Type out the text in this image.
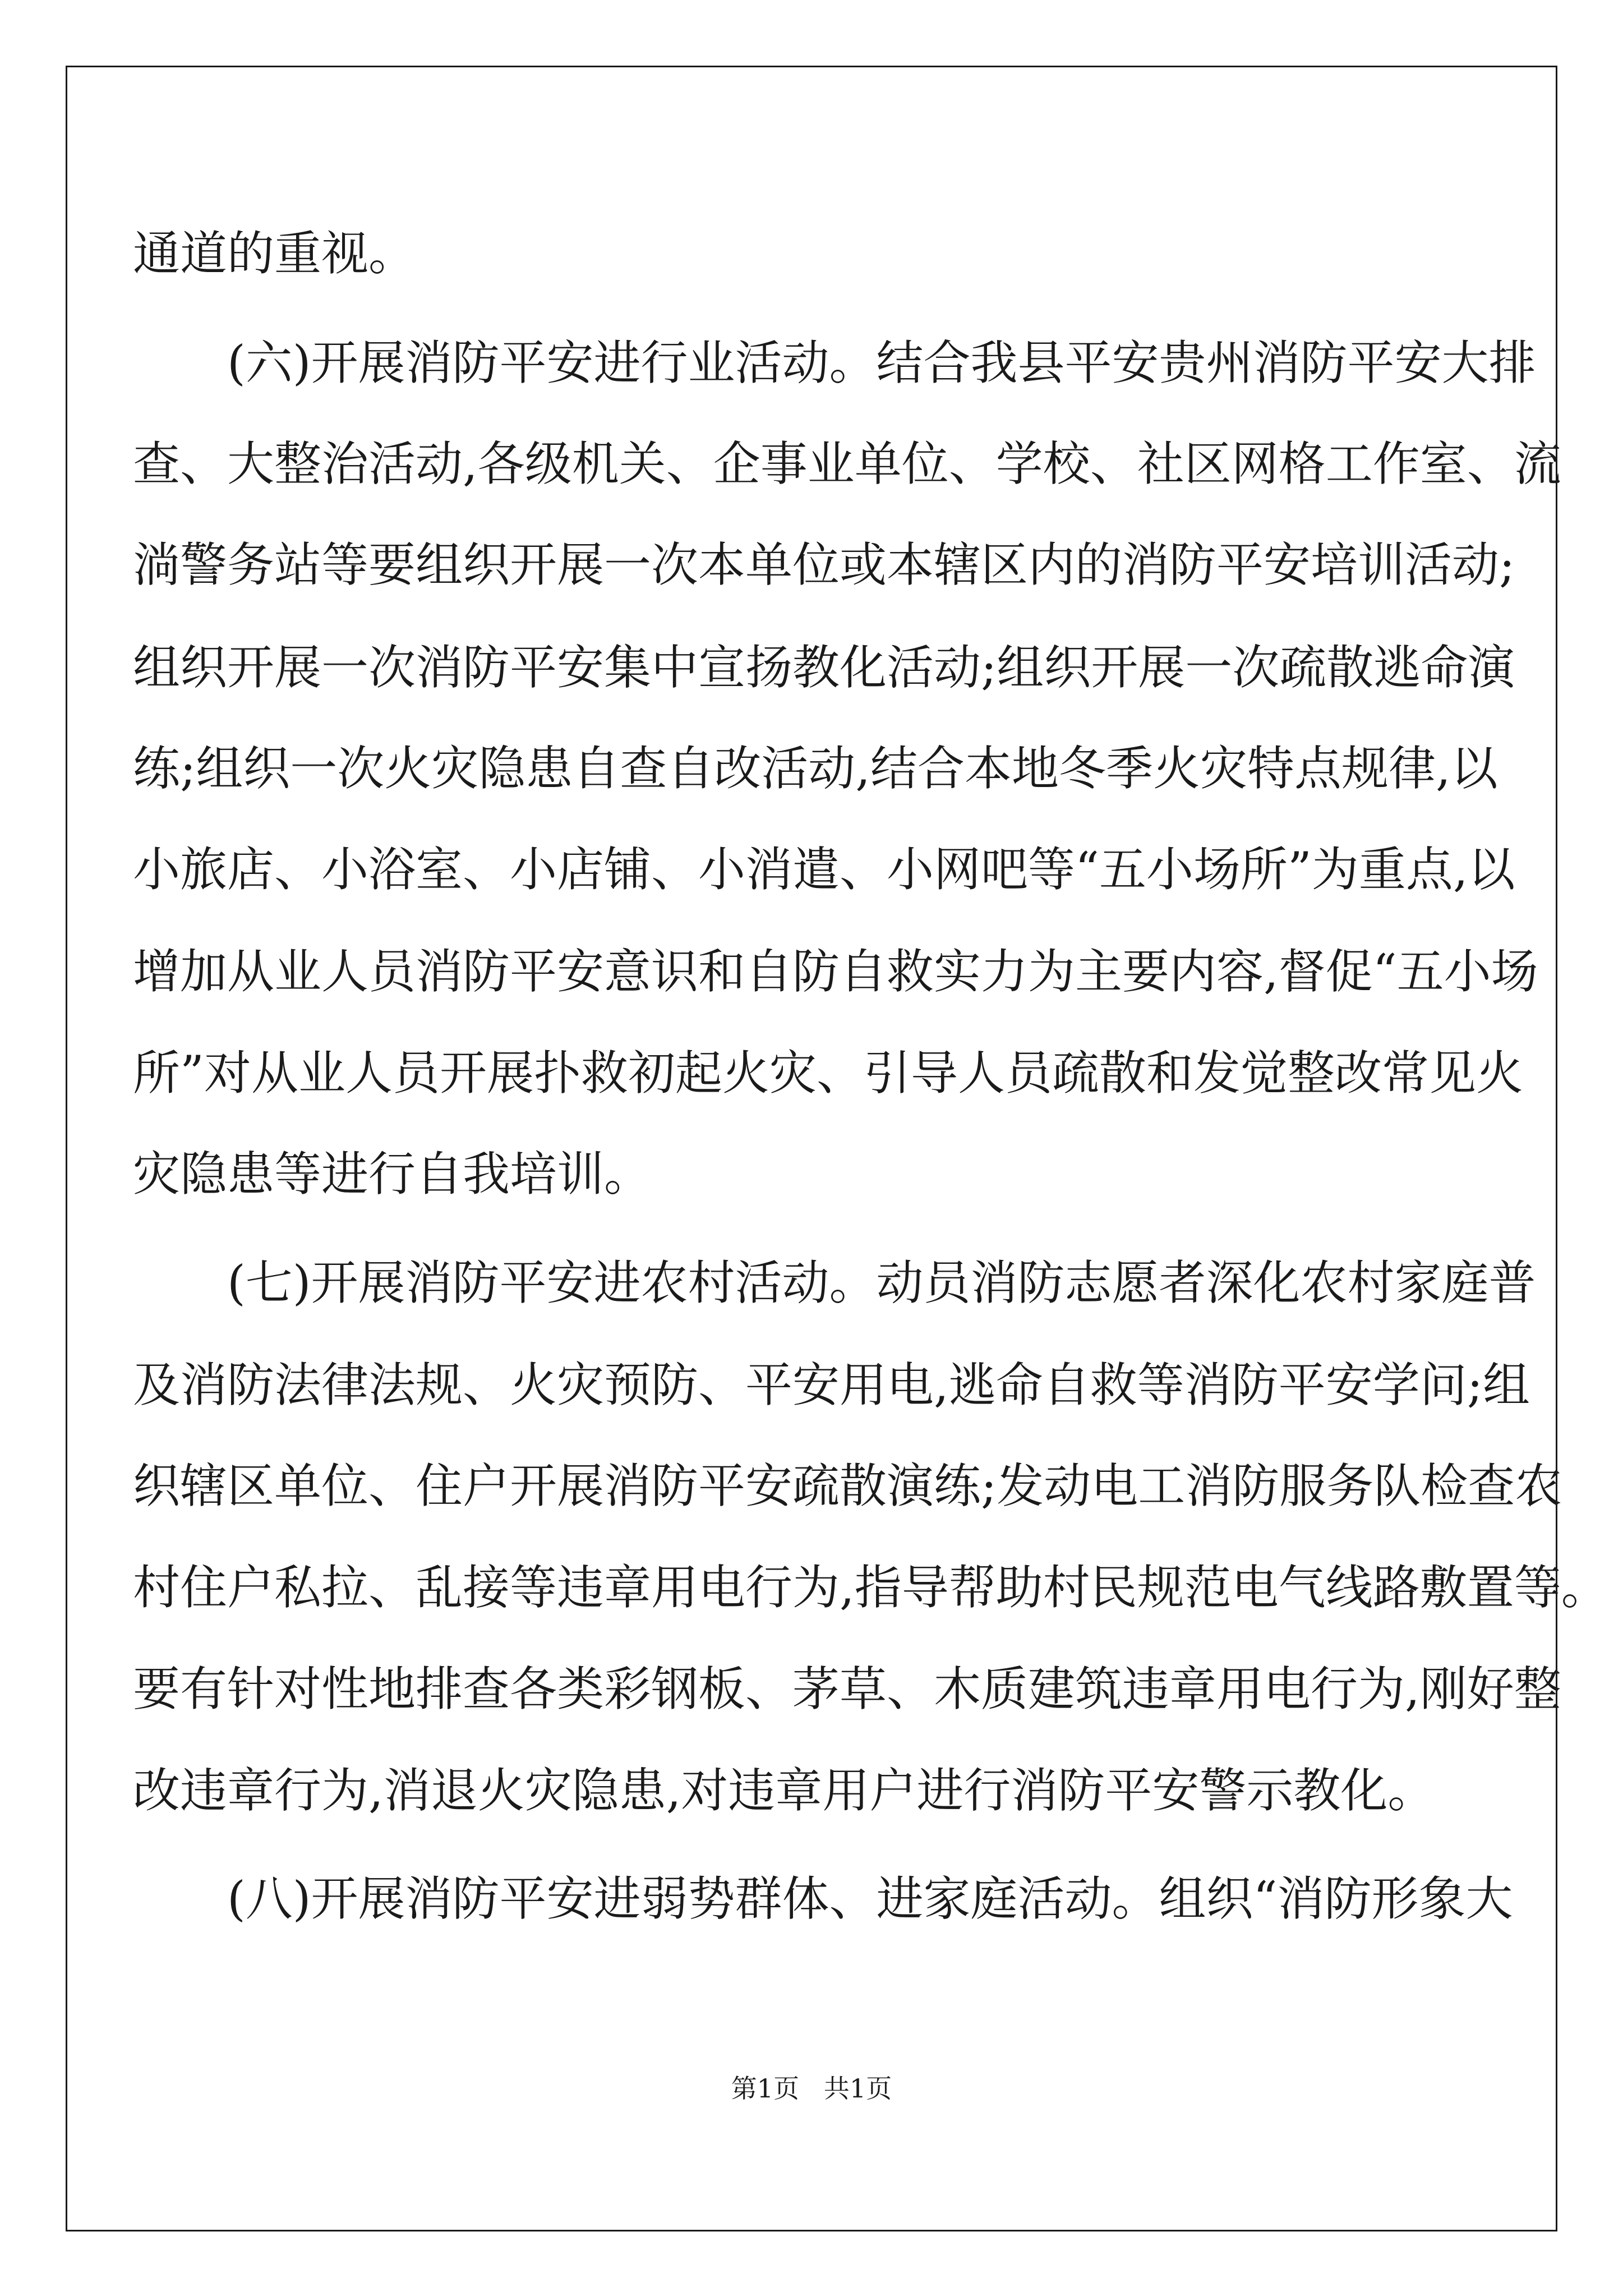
通道的重视。
(六)开展消防平安进行业活动。结合我县平安贵州消防平安大排
查、大整治活动,各级机关、企事业单位、学校、社区网格工作室、流
淌警务站等要组织开展一次本单位或本辖区内的消防平安培训活动;
组织开展一次消防平安集中宣扬教化活动;组织开展一次疏散逃命演
练;组织一次火灾隐患自查自改活动,结合本地冬季火灾特点规律,以
小旅店、小浴室、小店铺、小消遣、小网吧等“五小场所”为重点,以
增加从业人员消防平安意识和自防自救实力为主要内容,督促“五小场
所”对从业人员开展扑救初起火灾、引导人员疏散和发觉整改常见火
灾隐患等进行自我培训。
(七)开展消防平安进农村活动。动员消防志愿者深化农村家庭普
及消防法律法规、火灾预防、平安用电,逃命自救等消防平安学问;组
织辖区单位、住户开展消防平安疏散演练;发动电工消防服务队检查农
村住户私拉、乱接等违章用电行为,指导帮助村民规范电气线路敷置等。
要有针对性地排查各类彩钢板、茅草、木质建筑违章用电行为,刚好整
改违章行为,消退火灾隐患,对违章用户进行消防平安警示教化。
(八)开展消防平安进弱势群体、进家庭活动。组织“消防形象大
第1页   共1页
